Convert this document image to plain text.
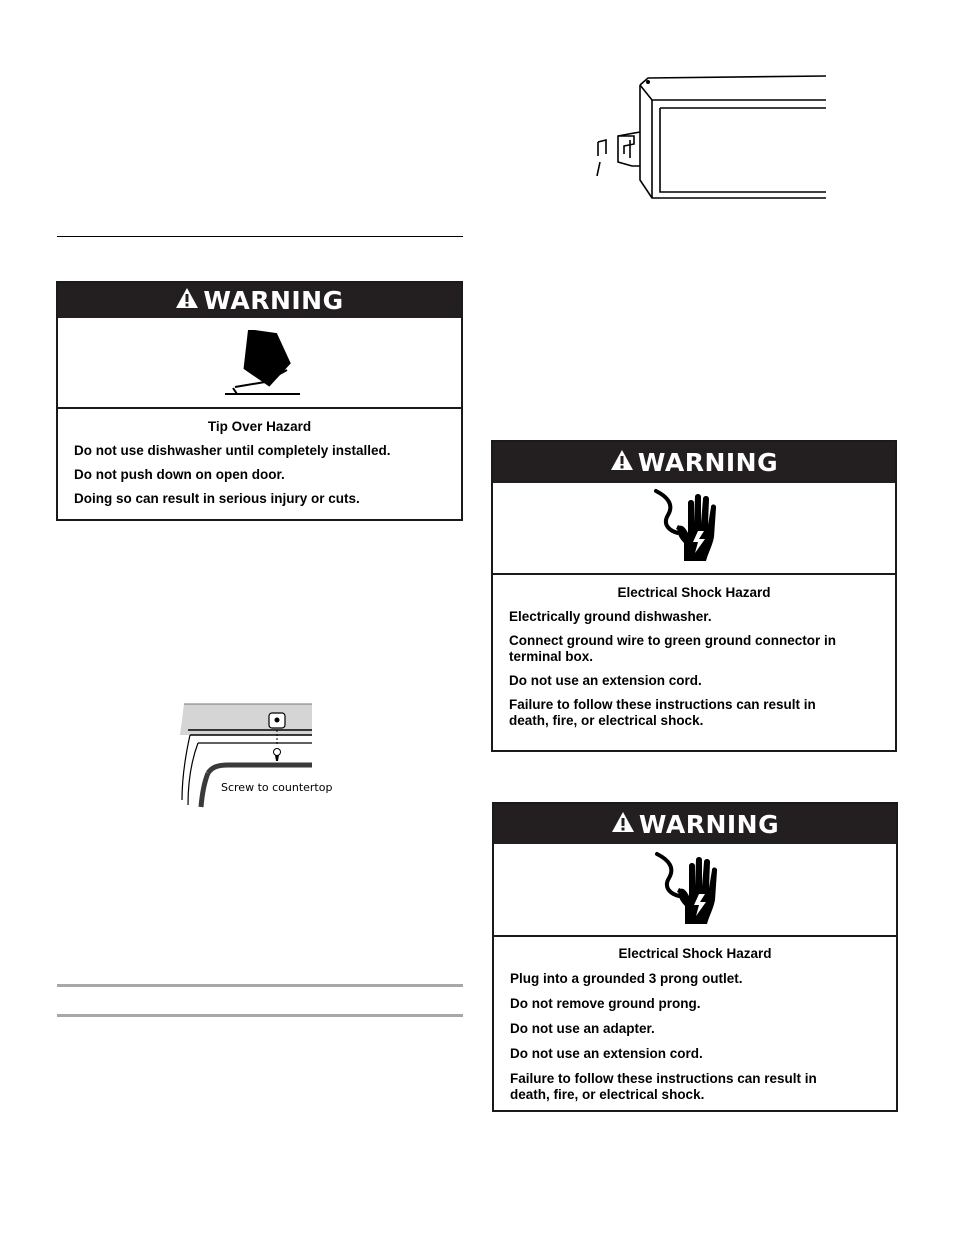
WARNING

Tip Over Hazard

Do not use dishwasher until completely installed.

Do not push down on open door.

Doing so can result in serious injury or cuts.

Screw to countertop
WARNING

Electrical Shock Hazard

Electrically ground dishwasher.

Connect ground wire to green ground connector in terminal box.

Do not use an extension cord.

Failure to follow these instructions can result in death, fire, or electrical shock.

WARNING

Electrical Shock Hazard

Plug into a grounded 3 prong outlet.

Do not remove ground prong.

Do not use an adapter.

Do not use an extension cord.

Failure to follow these instructions can result in death, fire, or electrical shock.
